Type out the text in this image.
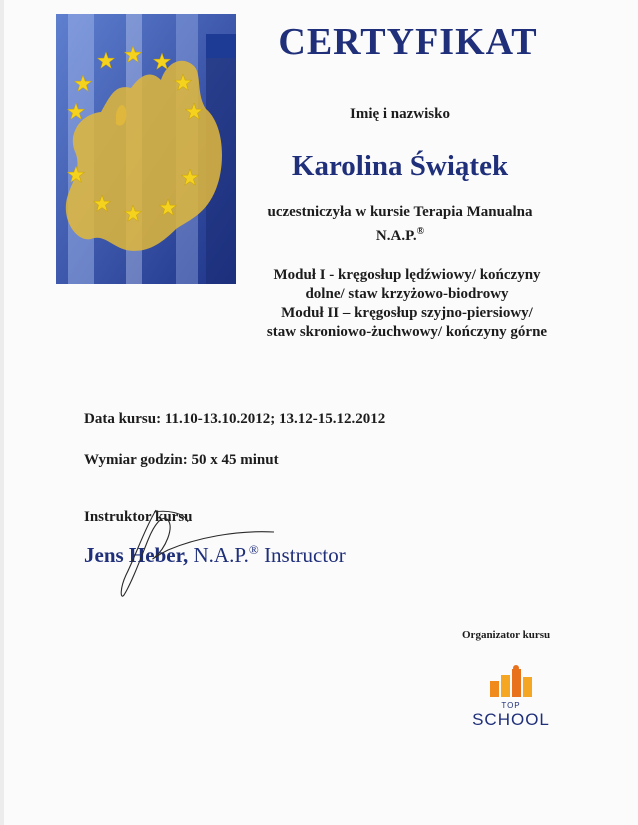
CERTYFIKAT
Imię i nazwisko
Karolina Świątek
uczestniczyła w kursie Terapia Manualna
N.A.P.®
Moduł I - kręgosłup lędźwiowy/ kończyny
dolne/ staw krzyżowo-biodrowy
Moduł II – kręgosłup szyjno-piersiowy/
staw skroniowo-żuchwowy/ kończyny górne
Data kursu: 11.10-13.10.2012; 13.12-15.12.2012
Wymiar godzin: 50 x 45 minut
Instruktor kursu
Jens Heber, N.A.P.® Instructor
Organizator kursu
TOP
SCHOOL
